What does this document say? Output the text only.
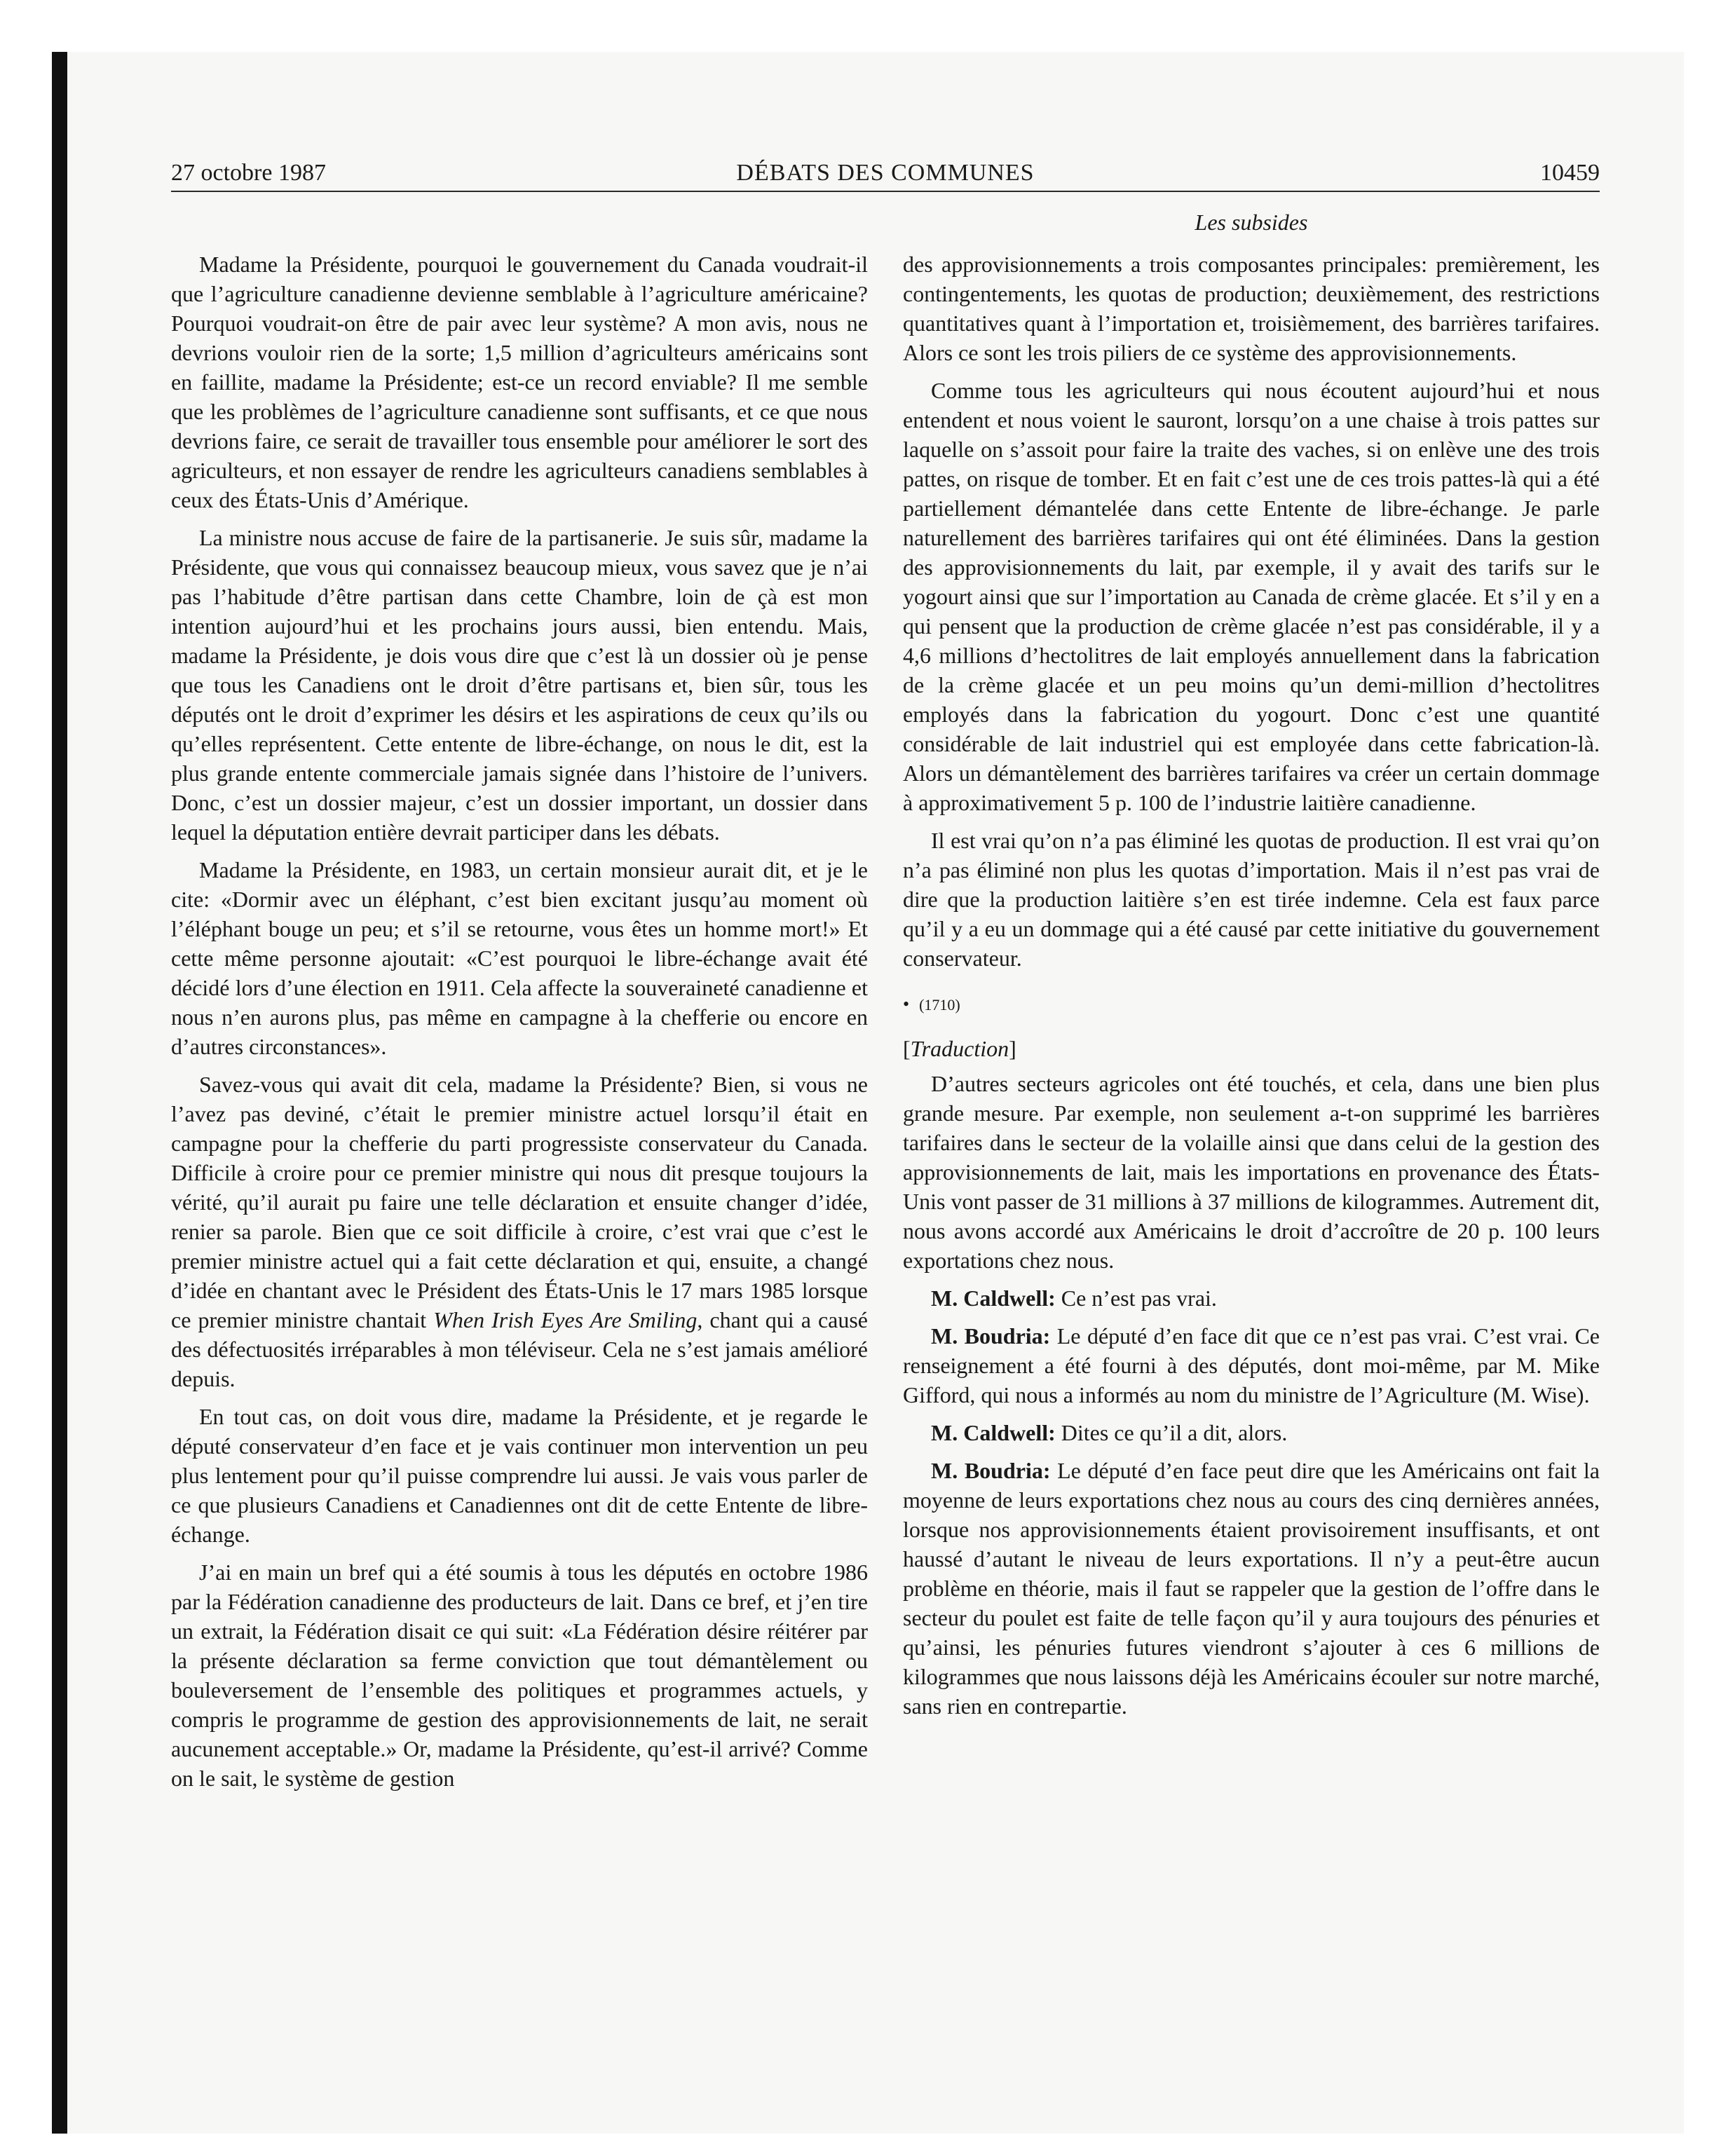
27 octobre 1987	DÉBATS DES COMMUNES	10459
Les subsides

Madame la Présidente, pourquoi le gouvernement du Canada voudrait-il que l’agriculture canadienne devienne semblable à l’agriculture américaine? Pourquoi voudrait-on être de pair avec leur système? A mon avis, nous ne devrions vouloir rien de la sorte; 1,5 million d’agriculteurs américains sont en faillite, madame la Présidente; est-ce un record enviable? Il me semble que les problèmes de l’agriculture canadienne sont suffisants, et ce que nous devrions faire, ce serait de travailler tous ensemble pour améliorer le sort des agriculteurs, et non essayer de rendre les agriculteurs canadiens semblables à ceux des États-Unis d’Amérique.

La ministre nous accuse de faire de la partisanerie. Je suis sûr, madame la Présidente, que vous qui connaissez beaucoup mieux, vous savez que je n’ai pas l’habitude d’être partisan dans cette Chambre, loin de çà est mon intention aujourd’hui et les prochains jours aussi, bien entendu. Mais, madame la Présidente, je dois vous dire que c’est là un dossier où je pense que tous les Canadiens ont le droit d’être partisans et, bien sûr, tous les députés ont le droit d’exprimer les désirs et les aspirations de ceux qu’ils ou qu’elles représentent. Cette entente de libre-échange, on nous le dit, est la plus grande entente commerciale jamais signée dans l’histoire de l’univers. Donc, c’est un dossier majeur, c’est un dossier important, un dossier dans lequel la députation entière devrait participer dans les débats.

Madame la Présidente, en 1983, un certain monsieur aurait dit, et je le cite: «Dormir avec un éléphant, c’est bien excitant jusqu’au moment où l’éléphant bouge un peu; et s’il se retourne, vous êtes un homme mort!» Et cette même personne ajoutait: «C’est pourquoi le libre-échange avait été décidé lors d’une élection en 1911. Cela affecte la souveraineté canadienne et nous n’en aurons plus, pas même en campagne à la chefferie ou encore en d’autres circonstances».

Savez-vous qui avait dit cela, madame la Présidente? Bien, si vous ne l’avez pas deviné, c’était le premier ministre actuel lorsqu’il était en campagne pour la chefferie du parti progressiste conservateur du Canada. Difficile à croire pour ce premier ministre qui nous dit presque toujours la vérité, qu’il aurait pu faire une telle déclaration et ensuite changer d’idée, renier sa parole. Bien que ce soit difficile à croire, c’est vrai que c’est le premier ministre actuel qui a fait cette déclaration et qui, ensuite, a changé d’idée en chantant avec le Président des États-Unis le 17 mars 1985 lorsque ce premier ministre chantait When Irish Eyes Are Smiling, chant qui a causé des défectuosités irréparables à mon téléviseur. Cela ne s’est jamais amélioré depuis.

En tout cas, on doit vous dire, madame la Présidente, et je regarde le député conservateur d’en face et je vais continuer mon intervention un peu plus lentement pour qu’il puisse comprendre lui aussi. Je vais vous parler de ce que plusieurs Canadiens et Canadiennes ont dit de cette Entente de libre-échange.

J’ai en main un bref qui a été soumis à tous les députés en octobre 1986 par la Fédération canadienne des producteurs de lait. Dans ce bref, et j’en tire un extrait, la Fédération disait ce qui suit: «La Fédération désire réitérer par la présente déclaration sa ferme conviction que tout démantèlement ou bouleversement de l’ensemble des politiques et programmes actuels, y compris le programme de gestion des approvisionnements de lait, ne serait aucunement acceptable.» Or, madame la Présidente, qu’est-il arrivé? Comme on le sait, le système de gestion

des approvisionnements a trois composantes principales: premièrement, les contingentements, les quotas de production; deuxièmement, des restrictions quantitatives quant à l’importation et, troisièmement, des barrières tarifaires. Alors ce sont les trois piliers de ce système des approvisionnements.

Comme tous les agriculteurs qui nous écoutent aujourd’hui et nous entendent et nous voient le sauront, lorsqu’on a une chaise à trois pattes sur laquelle on s’assoit pour faire la traite des vaches, si on enlève une des trois pattes, on risque de tomber. Et en fait c’est une de ces trois pattes-là qui a été partiellement démantelée dans cette Entente de libre-échange. Je parle naturellement des barrières tarifaires qui ont été éliminées. Dans la gestion des approvisionnements du lait, par exemple, il y avait des tarifs sur le yogourt ainsi que sur l’importation au Canada de crème glacée. Et s’il y en a qui pensent que la production de crème glacée n’est pas considérable, il y a 4,6 millions d’hectolitres de lait employés annuellement dans la fabrication de la crème glacée et un peu moins qu’un demi-million d’hectolitres employés dans la fabrication du yogourt. Donc c’est une quantité considérable de lait industriel qui est employée dans cette fabrication-là. Alors un démantèlement des barrières tarifaires va créer un certain dommage à approximativement 5 p. 100 de l’industrie laitière canadienne.

Il est vrai qu’on n’a pas éliminé les quotas de production. Il est vrai qu’on n’a pas éliminé non plus les quotas d’importation. Mais il n’est pas vrai de dire que la production laitière s’en est tirée indemne. Cela est faux parce qu’il y a eu un dommage qui a été causé par cette initiative du gouvernement conservateur.

• (1710)
[Traduction]

D’autres secteurs agricoles ont été touchés, et cela, dans une bien plus grande mesure. Par exemple, non seulement a-t-on supprimé les barrières tarifaires dans le secteur de la volaille ainsi que dans celui de la gestion des approvisionnements de lait, mais les importations en provenance des États-Unis vont passer de 31 millions à 37 millions de kilogrammes. Autrement dit, nous avons accordé aux Américains le droit d’accroître de 20 p. 100 leurs exportations chez nous.

M. Caldwell: Ce n’est pas vrai.

M. Boudria: Le député d’en face dit que ce n’est pas vrai. C’est vrai. Ce renseignement a été fourni à des députés, dont moi-même, par M. Mike Gifford, qui nous a informés au nom du ministre de l’Agriculture (M. Wise).

M. Caldwell: Dites ce qu’il a dit, alors.

M. Boudria: Le député d’en face peut dire que les Américains ont fait la moyenne de leurs exportations chez nous au cours des cinq dernières années, lorsque nos approvisionnements étaient provisoirement insuffisants, et ont haussé d’autant le niveau de leurs exportations. Il n’y a peut-être aucun problème en théorie, mais il faut se rappeler que la gestion de l’offre dans le secteur du poulet est faite de telle façon qu’il y aura toujours des pénuries et qu’ainsi, les pénuries futures viendront s’ajouter à ces 6 millions de kilogrammes que nous laissons déjà les Américains écouler sur notre marché, sans rien en contrepartie.
